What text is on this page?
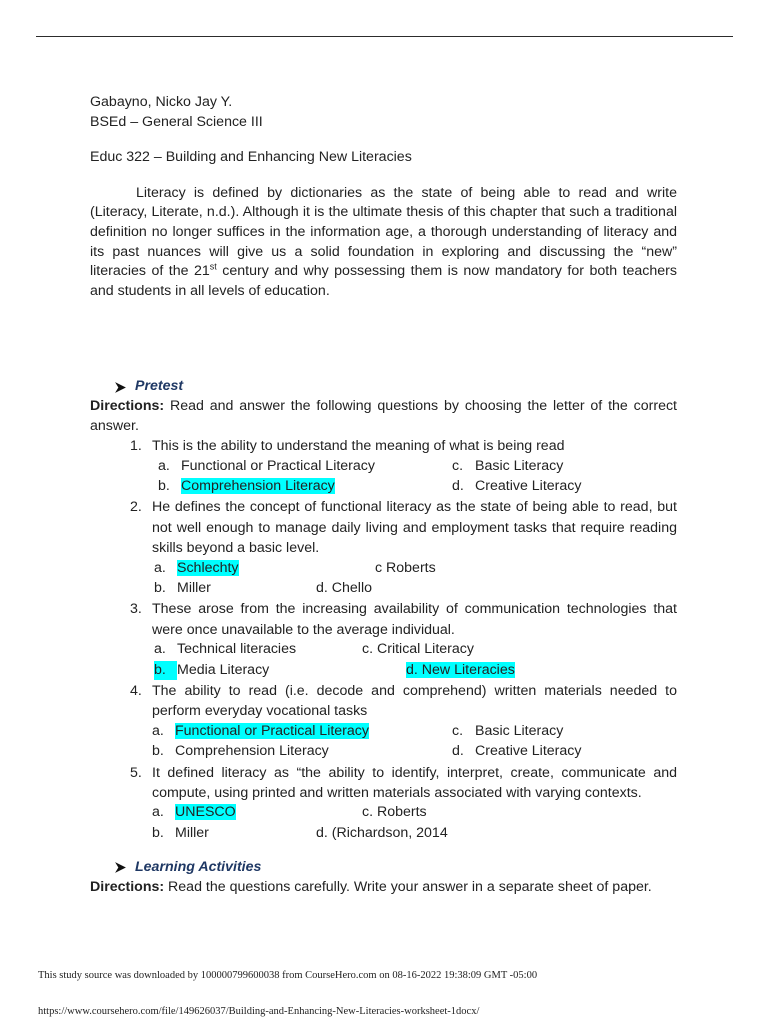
Gabayno, Nicko Jay Y.
BSEd – General Science III
Educ 322 – Building and Enhancing New Literacies
Literacy is defined by dictionaries as the state of being able to read and write (Literacy, Literate, n.d.). Although it is the ultimate thesis of this chapter that such a traditional definition no longer suffices in the information age, a thorough understanding of literacy and its past nuances will give us a solid foundation in exploring and discussing the “new” literacies of the 21st century and why possessing them is now mandatory for both teachers and students in all levels of education.
Pretest
Directions: Read and answer the following questions by choosing the letter of the correct answer.
1. This is the ability to understand the meaning of what is being read
a. Functional or Practical Literacy	c. Basic Literacy
b. Comprehension Literacy	d. Creative Literacy
2. He defines the concept of functional literacy as the state of being able to read, but not well enough to manage daily living and employment tasks that require reading skills beyond a basic level.
a. Schlechty	c Roberts
b. Miller	d. Chello
3. These arose from the increasing availability of communication technologies that were once unavailable to the average individual.
a. Technical literacies	c. Critical Literacy
b. Media Literacy	d. New Literacies
4. The ability to read (i.e. decode and comprehend) written materials needed to perform everyday vocational tasks
a. Functional or Practical Literacy	c. Basic Literacy
b. Comprehension Literacy	d. Creative Literacy
5. It defined literacy as “the ability to identify, interpret, create, communicate and compute, using printed and written materials associated with varying contexts.
a. UNESCO	c. Roberts
b. Miller	d. (Richardson, 2014
Learning Activities
Directions: Read the questions carefully. Write your answer in a separate sheet of paper.
This study source was downloaded by 100000799600038 from CourseHero.com on 08-16-2022 19:38:09 GMT -05:00
https://www.coursehero.com/file/149626037/Building-and-Enhancing-New-Literacies-worksheet-1docx/
